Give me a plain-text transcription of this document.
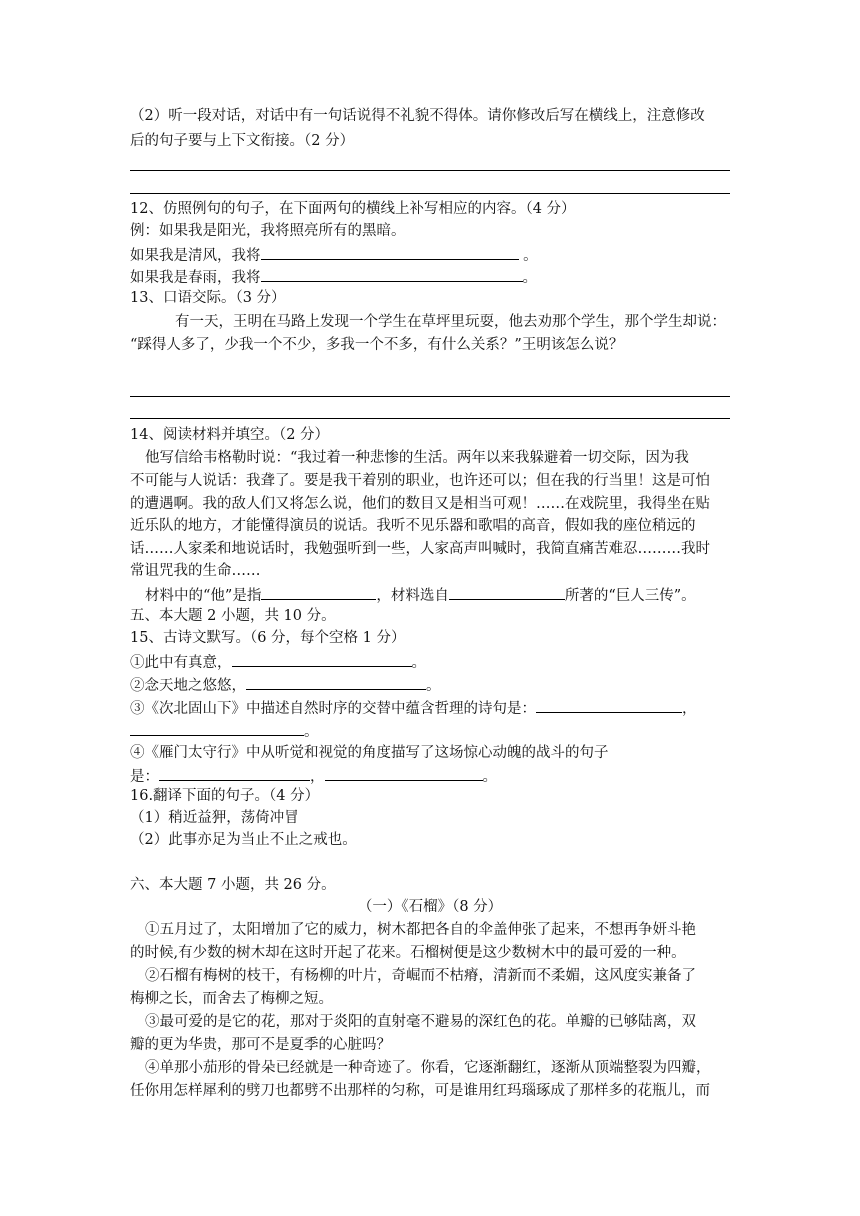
（2）听一段对话，对话中有一句话说得不礼貌不得体。请你修改后写在横线上，注意修改
后的句子要与上下文衔接。（2 分）
12、仿照例句的句子，在下面两句的横线上补写相应的内容。（4 分）
例：如果我是阳光，我将照亮所有的黑暗。
如果我是清风，我将	。
如果我是春雨，我将	。
13、口语交际。（3 分）
有一天，王明在马路上发现一个学生在草坪里玩耍，他去劝那个学生，那个学生却说：
“踩得人多了，少我一个不少，多我一个不多，有什么关系？”王明该怎么说？
14、阅读材料并填空。（2 分）
他写信给韦格勒时说：“我过着一种悲惨的生活。两年以来我躲避着一切交际，因为我
不可能与人说话：我聋了。要是我干着别的职业，也许还可以；但在我的行当里！这是可怕
的遭遇啊。我的敌人们又将怎么说，他们的数目又是相当可观！……在戏院里，我得坐在贴
近乐队的地方，才能懂得演员的说话。我听不见乐器和歌唱的高音，假如我的座位稍远的
话……人家柔和地说话时，我勉强听到一些，人家高声叫喊时，我简直痛苦难忍………我时
常诅咒我的生命……
材料中的“他”是指	，材料选自	所著的“巨人三传”。
五、本大题 2 小题，共 10 分。
15、古诗文默写。（6 分，每个空格 1 分）
①此中有真意，	。
②念天地之悠悠，	。
③《次北固山下》中描述自然时序的交替中蕴含哲理的诗句是：	，
。
④《雁门太守行》中从听觉和视觉的角度描写了这场惊心动魄的战斗的句子
是：	，	。
16.翻译下面的句子。（4 分）
（1）稍近益狎，荡倚冲冒
（2）此事亦足为当止不止之戒也。
六、本大题 7 小题，共 26 分。
（一）《石榴》（8 分）
①五月过了，太阳增加了它的威力，树木都把各自的伞盖伸张了起来，不想再争妍斗艳
的时候,有少数的树木却在这时开起了花来。石榴树便是这少数树木中的最可爱的一种。
②石榴有梅树的枝干，有杨柳的叶片，奇崛而不枯瘠，清新而不柔媚，这风度实兼备了
梅柳之长，而舍去了梅柳之短。
③最可爱的是它的花，那对于炎阳的直射毫不避易的深红色的花。单瓣的已够陆离，双
瓣的更为华贵，那可不是夏季的心脏吗？
④单那小茄形的骨朵已经就是一种奇迹了。你看，它逐渐翻红，逐渐从顶端整裂为四瓣，
任你用怎样犀利的劈刀也都劈不出那样的匀称，可是谁用红玛瑙琢成了那样多的花瓶儿，而
